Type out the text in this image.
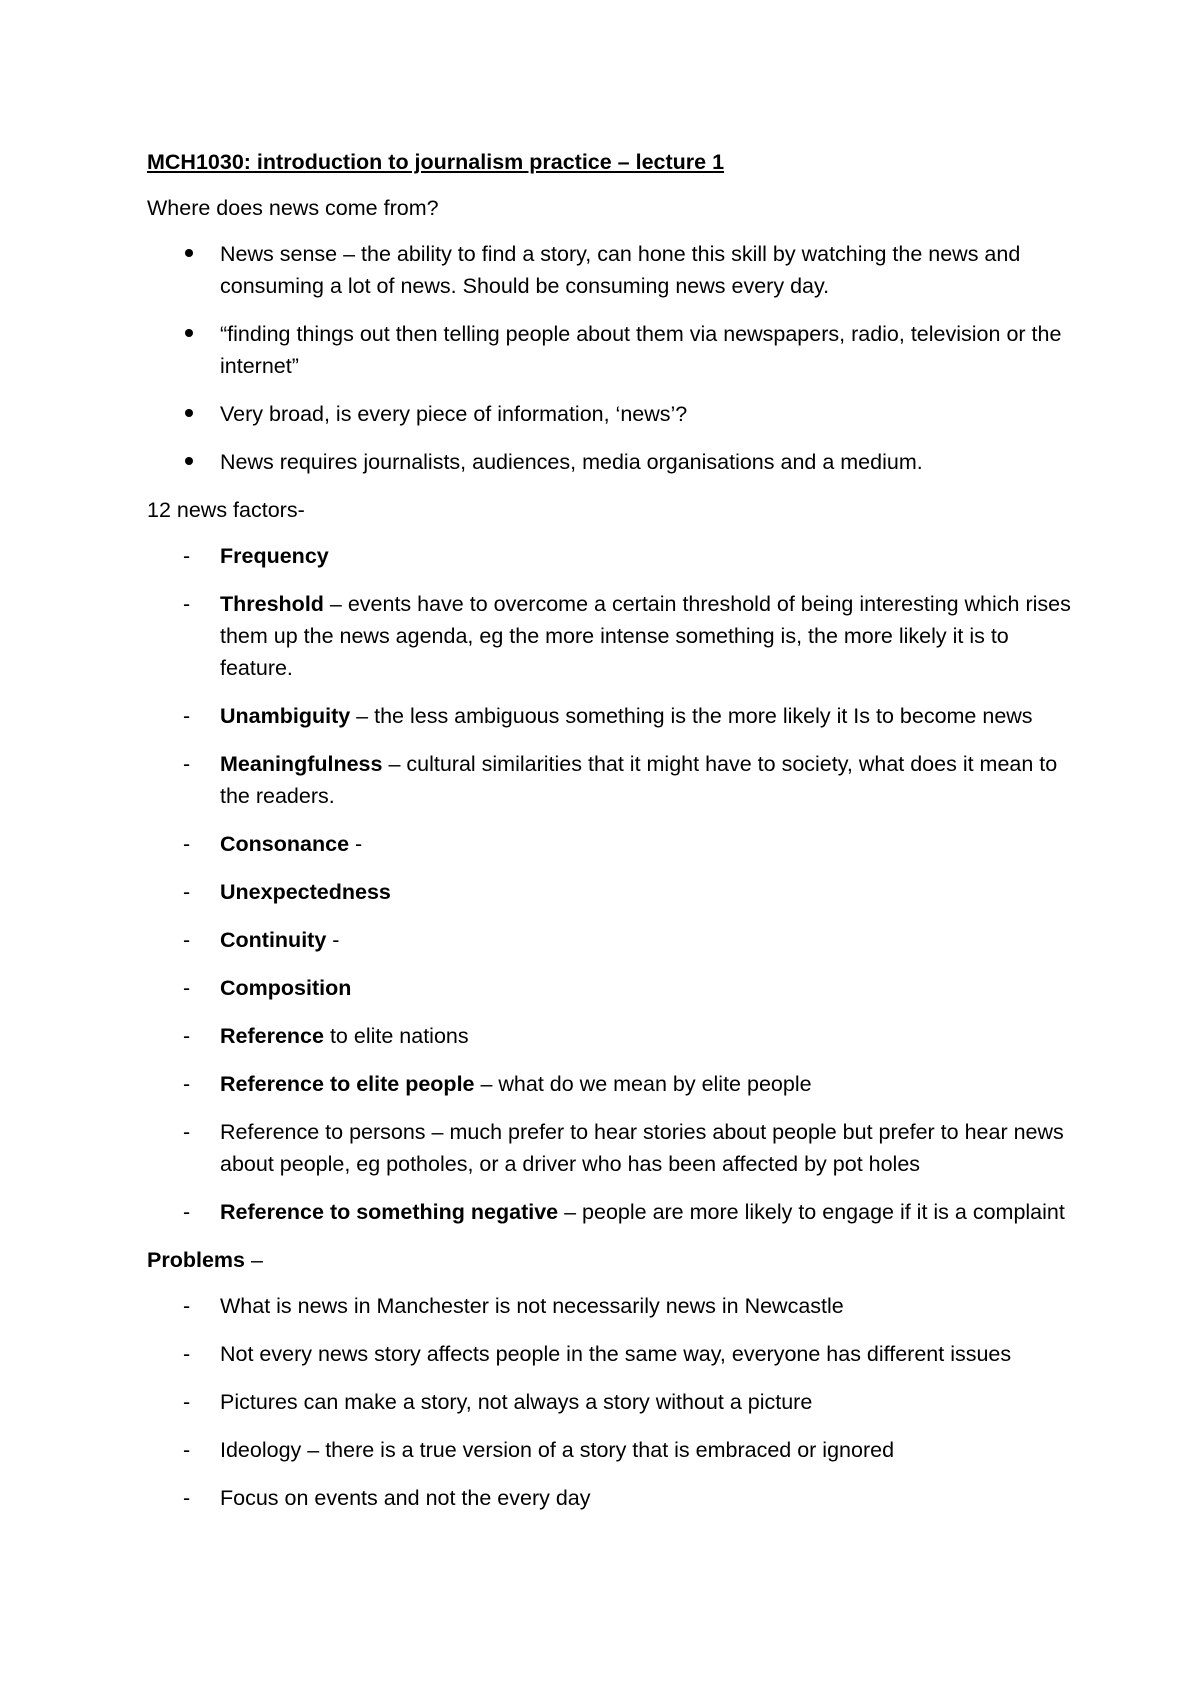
MCH1030: introduction to journalism practice – lecture 1
Where does news come from?
News sense – the ability to find a story, can hone this skill by watching the news and consuming a lot of news. Should be consuming news every day.
“finding things out then telling people about them via newspapers, radio, television or the internet”
Very broad, is every piece of information, ‘news’?
News requires journalists, audiences, media organisations and a medium.
12 news factors-
- Frequency
- Threshold – events have to overcome a certain threshold of being interesting which rises them up the news agenda, eg the more intense something is, the more likely it is to feature.
- Unambiguity – the less ambiguous something is the more likely it Is to become news
- Meaningfulness – cultural similarities that it might have to society, what does it mean to the readers.
- Consonance -
- Unexpectedness
- Continuity -
- Composition
- Reference to elite nations
- Reference to elite people – what do we mean by elite people
- Reference to persons – much prefer to hear stories about people but prefer to hear news about people, eg potholes, or a driver who has been affected by pot holes
- Reference to something negative – people are more likely to engage if it is a complaint
Problems –
- What is news in Manchester is not necessarily news in Newcastle
- Not every news story affects people in the same way, everyone has different issues
- Pictures can make a story, not always a story without a picture
- Ideology – there is a true version of a story that is embraced or ignored
- Focus on events and not the every day
